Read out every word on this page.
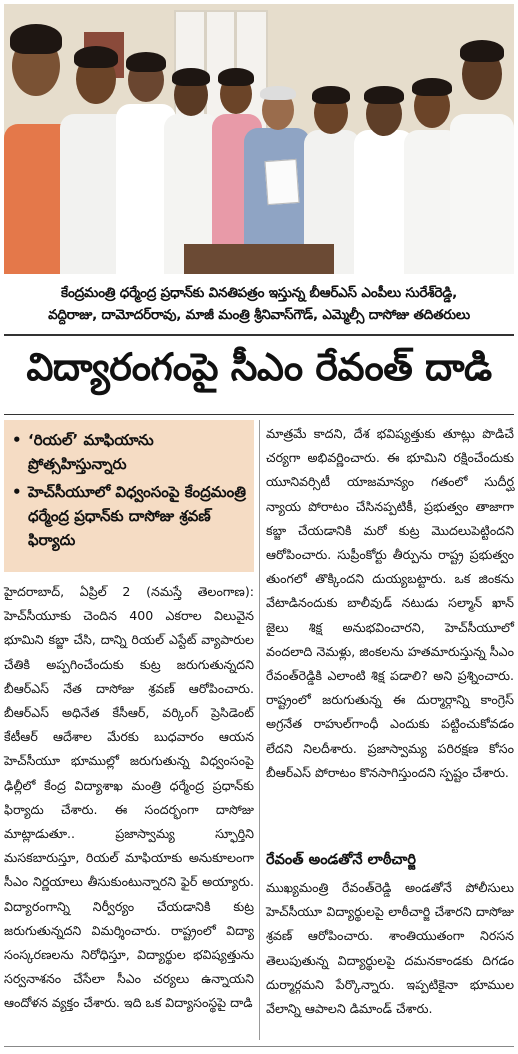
కేంద్రమంత్రి ధర్మేంద్ర ప్రధాన్‌కు వినతిపత్రం ఇస్తున్న బీఆర్‌ఎస్ ఎంపీలు సురేశ్‌రెడ్డి,
వద్దిరాజు, దామోదర్‌రావు, మాజీ మంత్రి శ్రీనివాస్‌గౌడ్, ఎమ్మెల్సీ దాసోజు తదితరులు
విద్యారంగంపై సీఎం రేవంత్ దాడి
• ‘రియల్’ మాఫియాను ప్రోత్సహిస్తున్నారు
• హెచ్‌సీయూలో విధ్వంసంపై కేంద్రమంత్రి ధర్మేంద్ర ప్రధాన్‌కు దాసోజు శ్రవణ్ ఫిర్యాదు

హైదరాబాద్, ఏప్రిల్ 2 (నమస్తే తెలంగాణ): హెచ్‌సీయూకు చెందిన 400 ఎకరాల విలువైన భూమిని కబ్జా చేసి, దాన్ని రియల్ ఎస్టేట్ వ్యాపారుల చేతికి అప్పగించేందుకు కుట్ర జరుగుతున్నదని బీఆర్‌ఎస్ నేత దాసోజు శ్రవణ్ ఆరోపించారు. బీఆర్‌ఎస్ అధినేత కేసీఆర్, వర్కింగ్ ప్రెసిడెంట్ కేటీఆర్ ఆదేశాల మేరకు బుధవారం ఆయన హెచ్‌సీయూ భూముల్లో జరుగుతున్న విధ్వంసంపై ఢిల్లీలో కేంద్ర విద్యాశాఖ మంత్రి ధర్మేంద్ర ప్రధాన్‌కు ఫిర్యాదు చేశారు. ఈ సందర్భంగా దాసోజు మాట్లాడుతూ.. ప్రజాస్వామ్య స్ఫూర్తిని మసకబారుస్తూ, రియల్ మాఫియాకు అనుకూలంగా సీఎం నిర్ణయాలు తీసుకుంటున్నారని ఫైర్ అయ్యారు. విద్యారంగాన్ని నిర్వీర్యం చేయడానికి కుట్ర జరుగుతున్నదని విమర్శించారు. రాష్ట్రంలో విద్యా సంస్కరణలను నిరోధిస్తూ, విద్యార్థుల భవిష్యత్తును సర్వనాశనం చేసేలా సీఎం చర్యలు ఉన్నాయని ఆందోళన వ్యక్తం చేశారు. ఇది ఒక విద్యాసంస్థపై దాడి

మాత్రమే కాదని, దేశ భవిష్యత్తుకు తూట్లు పొడిచే చర్యగా అభివర్ణించారు. ఈ భూమిని రక్షించేందుకు యూనివర్సిటీ యాజమాన్యం గతంలో సుదీర్ఘ న్యాయ పోరాటం చేసినప్పటికీ, ప్రభుత్వం తాజాగా కబ్జా చేయడానికి మరో కుట్ర మొదలుపెట్టిందని ఆరోపించారు. సుప్రీంకోర్టు తీర్పును రాష్ట్ర ప్రభుత్వం తుంగలో తొక్కిందని దుయ్యబట్టారు. ఒక జింకను వేటాడినందుకు బాలీవుడ్ నటుడు సల్మాన్ ఖాన్ జైలు శిక్ష అనుభవించారని, హెచ్‌సీయూలో వందలాది నెమళ్లు, జింకలను హతమారుస్తున్న సీఎం రేవంత్‌రెడ్డికి ఎలాంటి శిక్ష పడాలి? అని ప్రశ్నించారు. రాష్ట్రంలో జరుగుతున్న ఈ దుర్మార్గాన్ని కాంగ్రెస్ అగ్రనేత రాహుల్‌గాంధీ ఎందుకు పట్టించుకోవడం లేదని నిలదీశారు. ప్రజాస్వామ్య పరిరక్షణ కోసం బీఆర్‌ఎస్ పోరాటం కొనసాగిస్తుందని స్పష్టం చేశారు.

రేవంత్ అండతోనే లాఠీచార్జి

ముఖ్యమంత్రి రేవంత్‌రెడ్డి అండతోనే పోలీసులు హెచ్‌సీయూ విద్యార్థులపై లాఠీచార్జి చేశారని దాసోజు శ్రవణ్ ఆరోపించారు. శాంతియుతంగా నిరసన తెలుపుతున్న విద్యార్థులపై దమనకాండకు దిగడం దుర్మార్గమని పేర్కొన్నారు. ఇప్పటికైనా భూముల వేలాన్ని ఆపాలని డిమాండ్ చేశారు.
